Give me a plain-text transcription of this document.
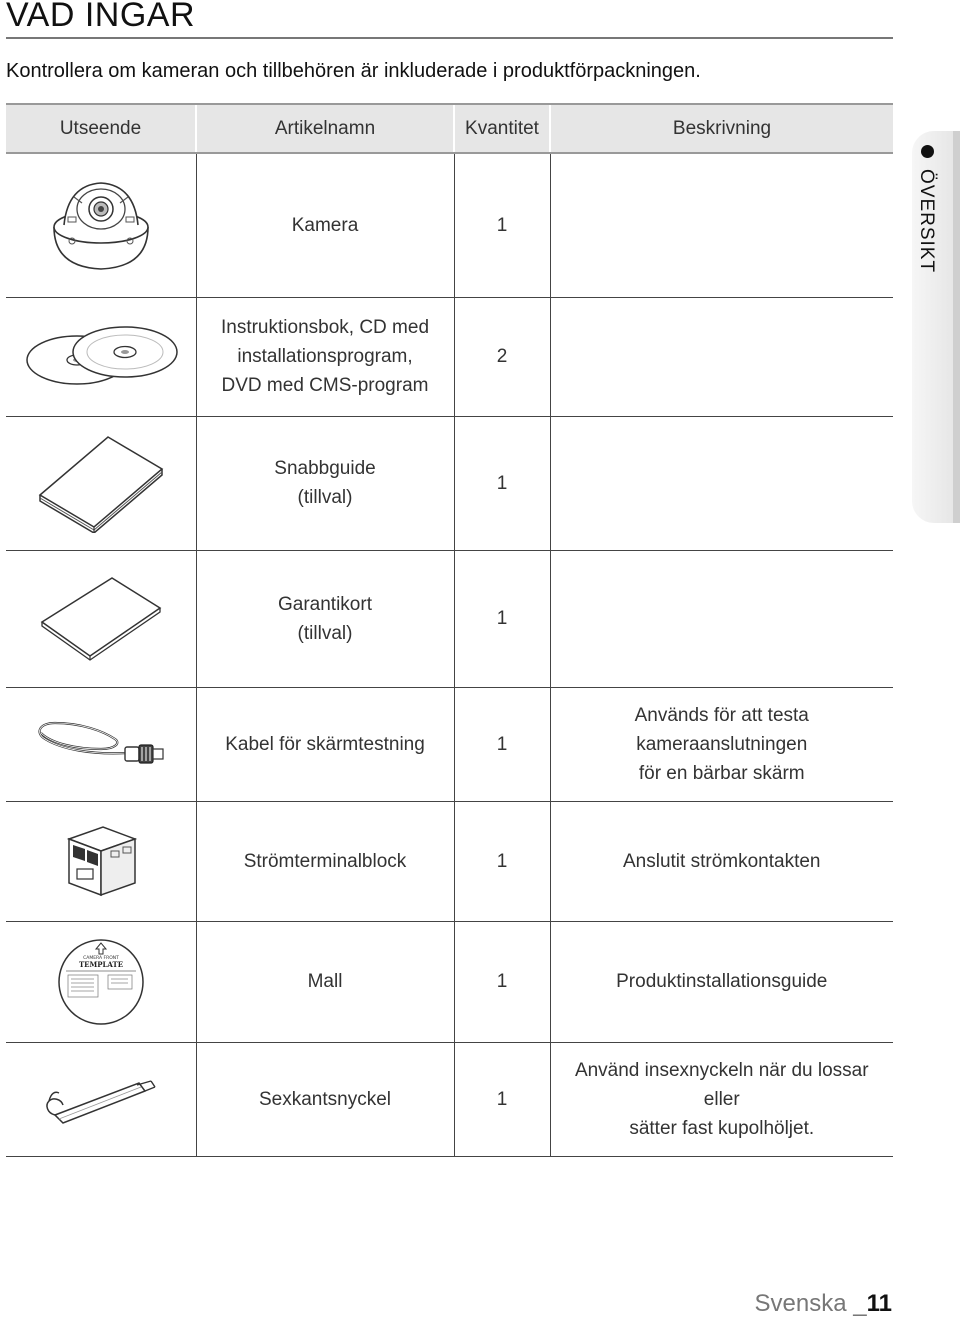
VAD INGAR

Kontrollera om kameran och tillbehören är inkluderade i produktförpackningen.

Utseende	Artikelnamn	Kvantitet	Beskrivning

	Kamera	1	

	Instruktionsbok, CD med
installationsprogram,
DVD med CMS-program	2	

	Snabbguide
(tillval)	1	

	Garantikort
(tillval)	1	

	Kabel för skärmtestning	1	Används för att testa kameraanslutningen
för en bärbar skärm

	Strömterminalblock	1	Anslutit strömkontakten

CAMERA FRONT
TEMPLATE	Mall	1	Produktinstallationsguide

	Sexkantsnyckel	1	Använd insexnyckeln när du lossar eller
sätter fast kupolhöljet.
ÖVERSIKT
Svenska _11
